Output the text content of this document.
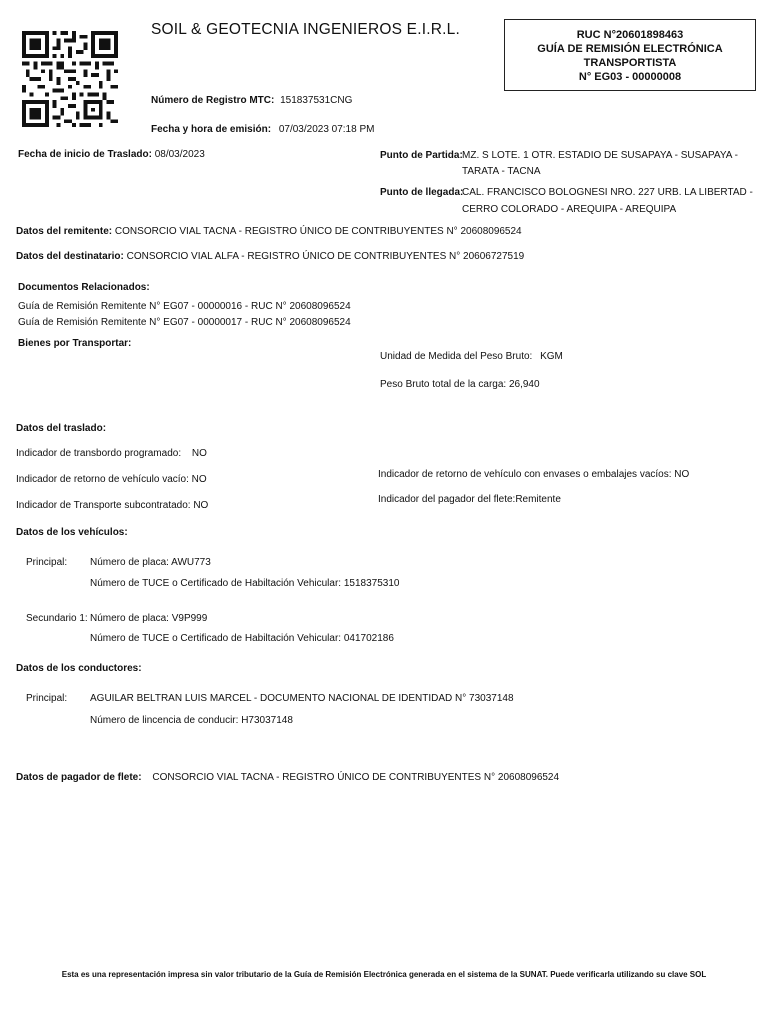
SOIL & GEOTECNIA INGENIEROS E.I.R.L.	RUC N°20601898463
GUÍA DE REMISIÓN ELECTRÓNICA
TRANSPORTISTA
N° EG03 - 00000008
Número de Registro MTC: 151837531CNG
Fecha y hora de emisión: 07/03/2023 07:18 PM
Fecha de inicio de Traslado: 08/03/2023	Punto de Partida: MZ. S LOTE. 1 OTR. ESTADIO DE SUSAPAYA - SUSAPAYA -
TARATA - TACNA
Punto de llegada:
CAL. FRANCISCO BOLOGNESI NRO. 227 URB. LA LIBERTAD -
CERRO COLORADO - AREQUIPA - AREQUIPA
Datos del remitente: CONSORCIO VIAL TACNA - REGISTRO ÚNICO DE CONTRIBUYENTES N° 20608096524
Datos del destinatario: CONSORCIO VIAL ALFA - REGISTRO ÚNICO DE CONTRIBUYENTES N° 20606727519
Documentos Relacionados:
Guía de Remisión Remitente N° EG07 - 00000016 - RUC N° 20608096524
Guía de Remisión Remitente N° EG07 - 00000017 - RUC N° 20608096524
Bienes por Transportar:
Unidad de Medida del Peso Bruto: KGM
Peso Bruto total de la carga: 26,940
Datos del traslado:
Indicador de transbordo programado: NO
Indicador de retorno de vehículo vacío: NO
Indicador de Transporte subcontratado: NO
Indicador de retorno de vehículo con envases o embalajes vacíos: NO
Indicador del pagador del flete:Remitente
Datos de los vehículos:
Principal: Número de placa: AWU773
Número de TUCE o Certificado de Habiltación Vehicular: 1518375310
Secundario 1: Número de placa: V9P999
Número de TUCE o Certificado de Habiltación Vehicular: 041702186
Datos de los conductores:
Principal: AGUILAR BELTRAN LUIS MARCEL - DOCUMENTO NACIONAL DE IDENTIDAD N° 73037148
Número de lincencia de conducir: H73037148
Datos de pagador de flete: CONSORCIO VIAL TACNA - REGISTRO ÚNICO DE CONTRIBUYENTES N° 20608096524
Esta es una representación impresa sin valor tributario de la Guía de Remisión Electrónica generada en el sistema de la SUNAT. Puede verificarla utilizando su clave SOL
